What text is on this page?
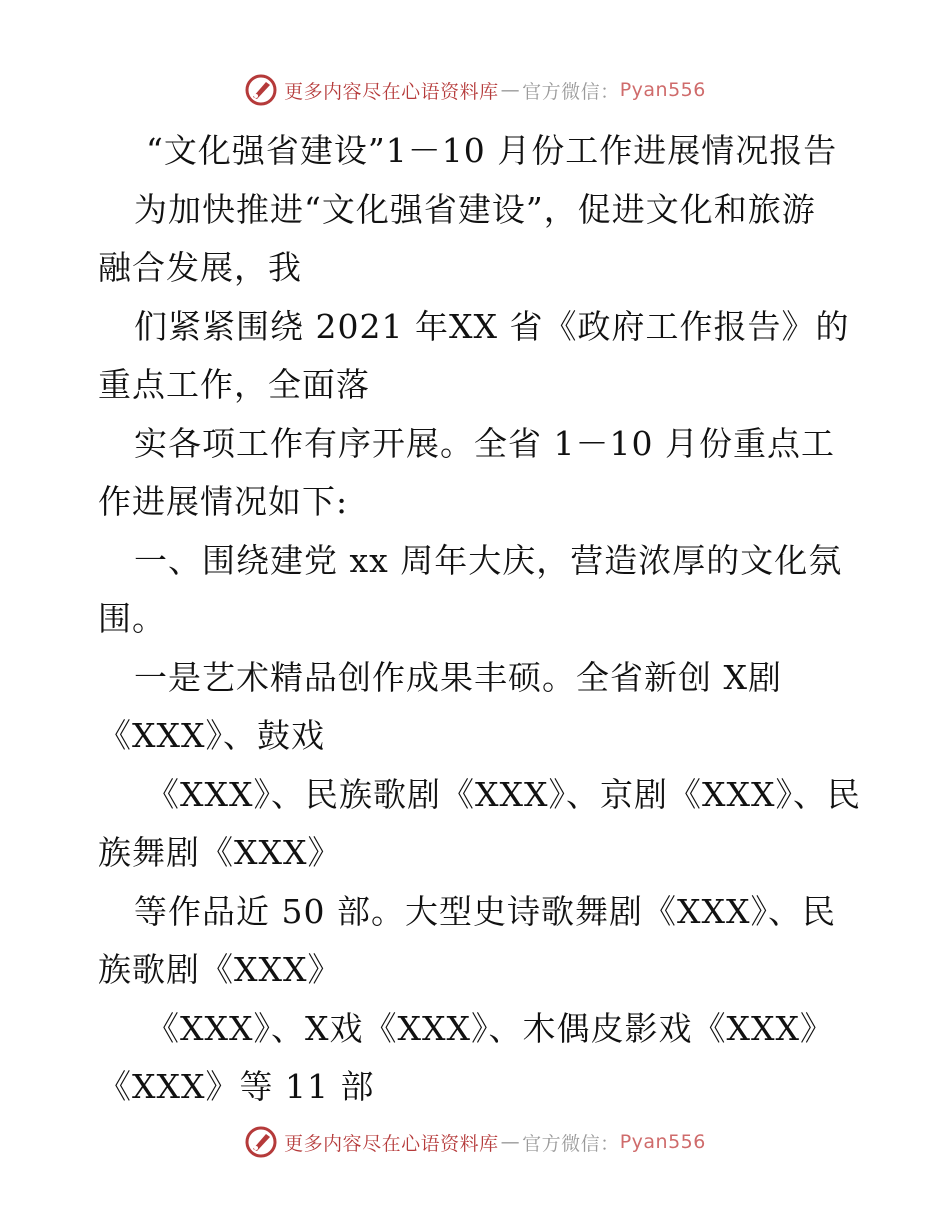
更多内容尽在心语资料库 — 官方微信： Pyan556
“文化强省建设”1－10 月份工作进展情况报告
为加快推进“文化强省建设”，促进文化和旅游
融合发展，我
们紧紧围绕 2021 年XX 省《政府工作报告》的
重点工作，全面落
实各项工作有序开展。全省 1－10 月份重点工
作进展情况如下:
一、围绕建党 xx 周年大庆，营造浓厚的文化氛
围。
一是艺术精品创作成果丰硕。全省新创 X剧
《XXX》、鼓戏
《XXX》、民族歌剧《XXX》、京剧《XXX》、民
族舞剧《XXX》
等作品近 50 部。大型史诗歌舞剧《XXX》、民
族歌剧《XXX》
《XXX》、X戏《XXX》、木偶皮影戏《XXX》
《XXX》等 11 部
更多内容尽在心语资料库 — 官方微信： Pyan556
